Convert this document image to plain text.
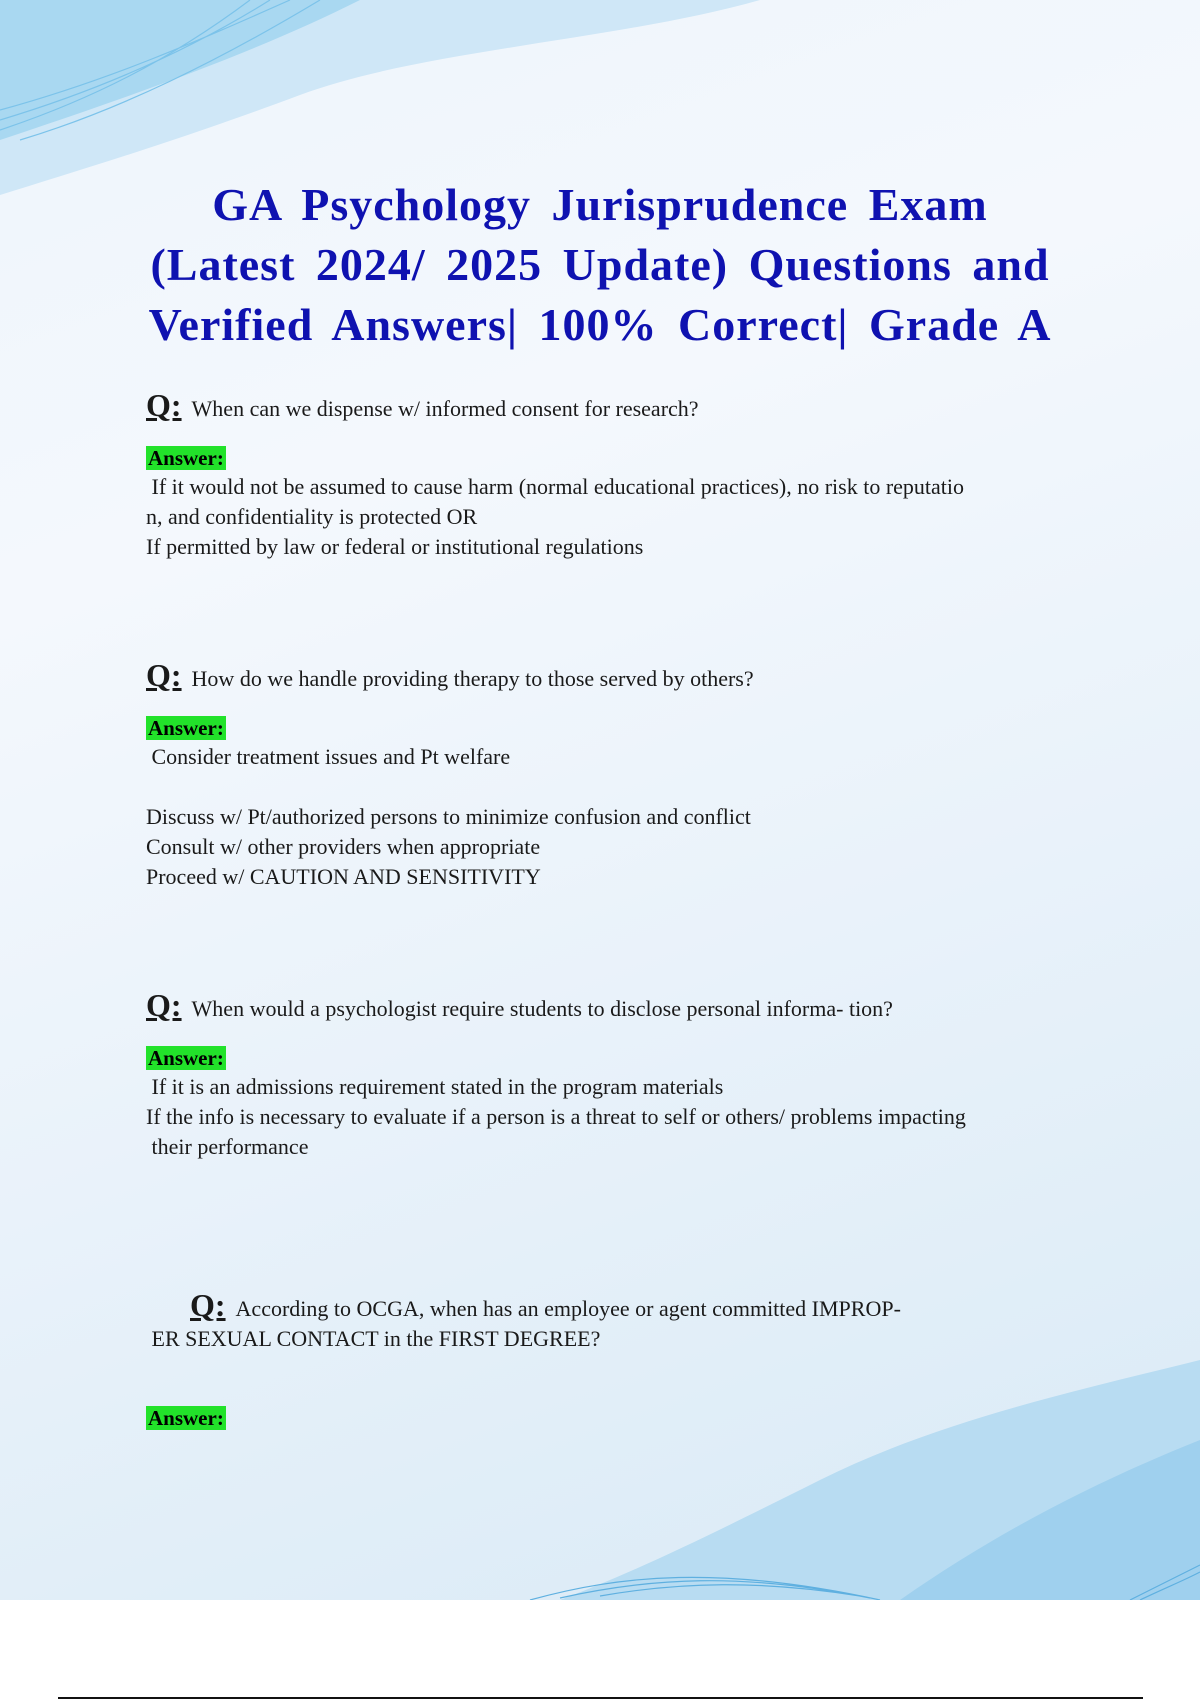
GA Psychology Jurisprudence Exam (Latest 2024/ 2025 Update) Questions and Verified Answers| 100% Correct| Grade A
Q: When can we dispense w/ informed consent for research?
Answer:
If it would not be assumed to cause harm (normal educational practices), no risk to reputatio
n, and confidentiality is protected OR
If permitted by law or federal or institutional regulations
Q: How do we handle providing therapy to those served by others?
Answer:
Consider treatment issues and Pt welfare

Discuss w/ Pt/authorized persons to minimize confusion and conflict
Consult w/ other providers when appropriate
Proceed w/ CAUTION AND SENSITIVITY
Q: When would a psychologist require students to disclose personal informa- tion?
Answer:
If it is an admissions requirement stated in the program materials
If the info is necessary to evaluate if a person is a threat to self or others/ problems impacting
their performance

Q: According to OCGA, when has an employee or agent committed IMPROP-
ER SEXUAL CONTACT in the FIRST DEGREE?

Answer:
